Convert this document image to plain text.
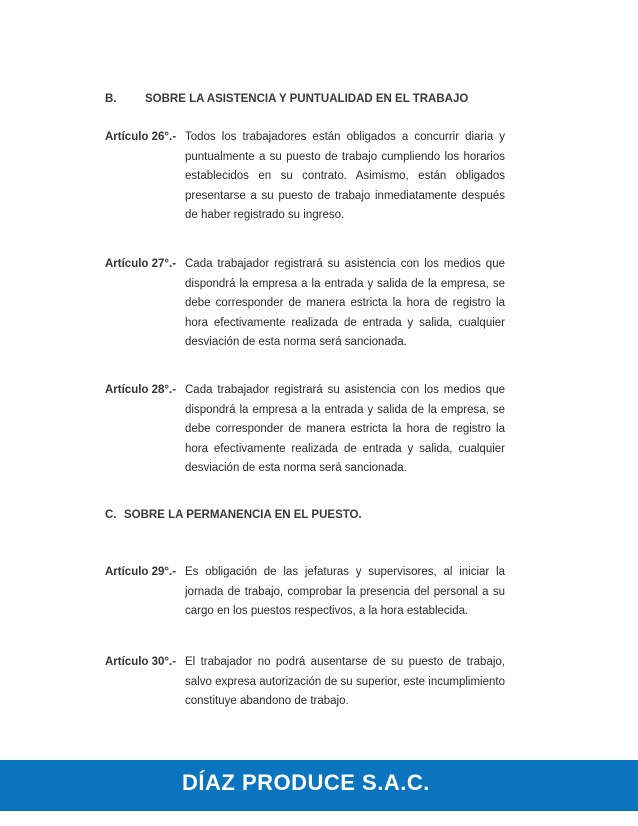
B. SOBRE LA ASISTENCIA Y PUNTUALIDAD EN EL TRABAJO
Artículo 26°.- Todos los trabajadores están obligados a concurrir diaria y puntualmente a su puesto de trabajo cumpliendo los horarios establecidos en su contrato. Asimismo, están obligados presentarse a su puesto de trabajo inmediatamente después de haber registrado su ingreso.
Artículo 27°.- Cada trabajador registrará su asistencia con los medios que dispondrá la empresa a la entrada y salida de la empresa, se debe corresponder de manera estricta la hora de registro la hora efectivamente realizada de entrada y salida, cualquier desviación de esta norma será sancionada.
Artículo 28°.- Cada trabajador registrará su asistencia con los medios que dispondrá la empresa a la entrada y salida de la empresa, se debe corresponder de manera estricta la hora de registro la hora efectivamente realizada de entrada y salida, cualquier desviación de esta norma será sancionada.
C. SOBRE LA PERMANENCIA EN EL PUESTO.
Artículo 29°.- Es obligación de las jefaturas y supervisores, al iniciar la jornada de trabajo, comprobar la presencia del personal a su cargo en los puestos respectivos, a la hora establecida.
Artículo 30°.- El trabajador no podrá ausentarse de su puesto de trabajo, salvo expresa autorización de su superior, este incumplimiento constituye abandono de trabajo.
DÍAZ PRODUCE S.A.C.
